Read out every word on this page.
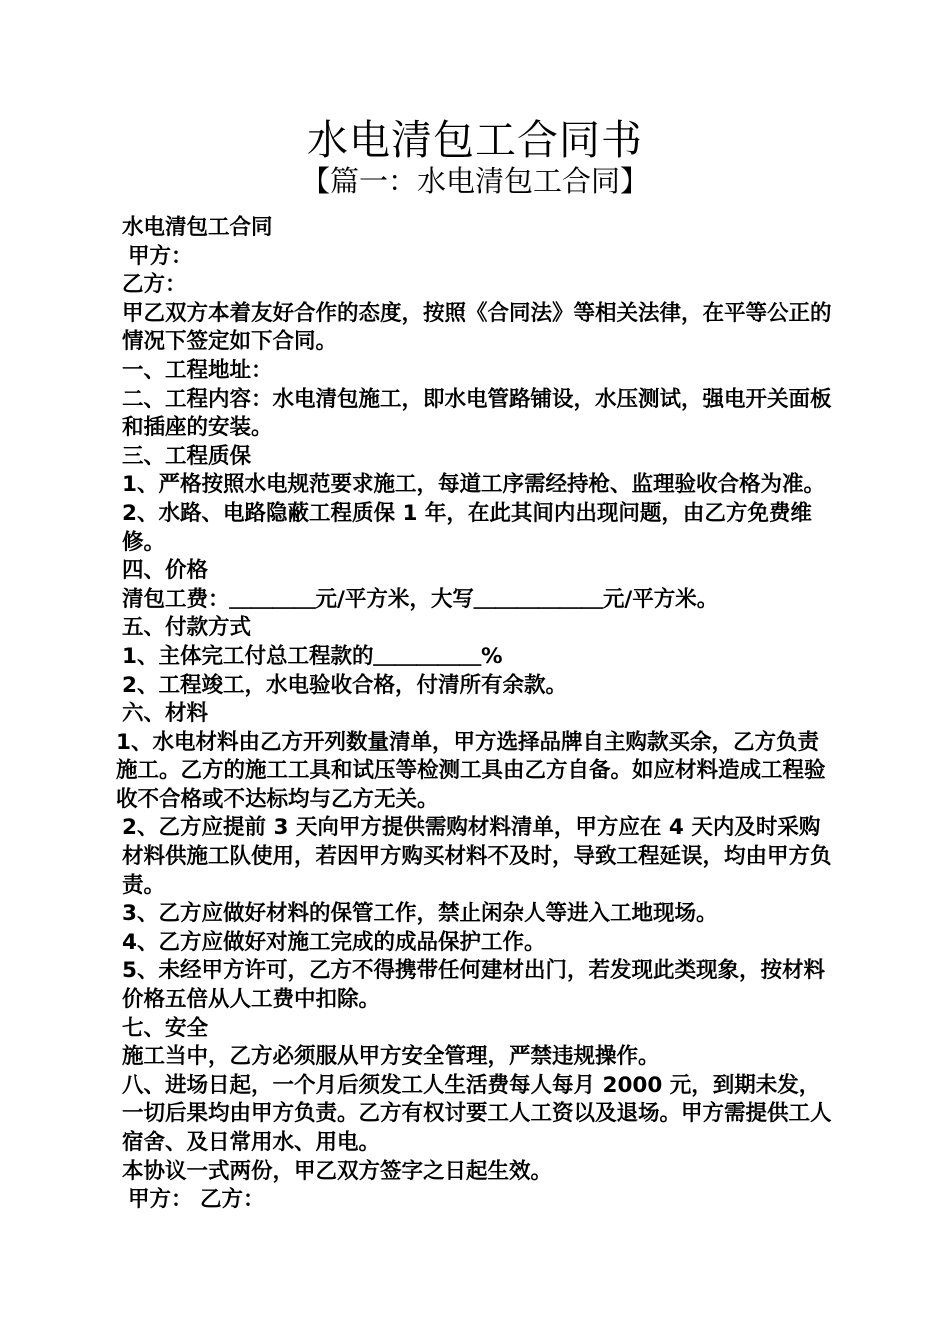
水电清包工合同书
【篇一：水电清包工合同】

水电清包工合同

甲方：

乙方：

甲乙双方本着友好合作的态度，按照《合同法》等相关法律，在平等公正的情况下签定如下合同。

一、工程地址：

二、工程内容：水电清包施工，即水电管路铺设，水压测试，强电开关面板和插座的安装。

三、工程质保

1、严格按照水电规范要求施工，每道工序需经持枪、监理验收合格为准。

2、水路、电路隐蔽工程质保 1 年，在此其间内出现问题，由乙方免费维修。

四、价格

清包工费：＿＿＿＿元/平方米，大写＿＿＿＿＿＿元/平方米。

五、付款方式

1、主体完工付总工程款的＿＿＿＿＿%

2、工程竣工，水电验收合格，付清所有余款。

六、材料

1、水电材料由乙方开列数量清单，甲方选择品牌自主购款买余，乙方负责施工。乙方的施工工具和试压等检测工具由乙方自备。如应材料造成工程验收不合格或不达标均与乙方无关。

2、乙方应提前 3 天向甲方提供需购材料清单，甲方应在 4 天内及时采购材料供施工队使用，若因甲方购买材料不及时，导致工程延误，均由甲方负责。

3、乙方应做好材料的保管工作，禁止闲杂人等进入工地现场。

4、乙方应做好对施工完成的成品保护工作。

5、未经甲方许可，乙方不得携带任何建材出门，若发现此类现象，按材料价格五倍从人工费中扣除。

七、安全

施工当中，乙方必须服从甲方安全管理，严禁违规操作。

八、进场日起，一个月后须发工人生活费每人每月 2000 元，到期未发，一切后果均由甲方负责。乙方有权讨要工人工资以及退场。甲方需提供工人宿舍、及日常用水、用电。

本协议一式两份，甲乙双方签字之日起生效。

甲方： 乙方：
